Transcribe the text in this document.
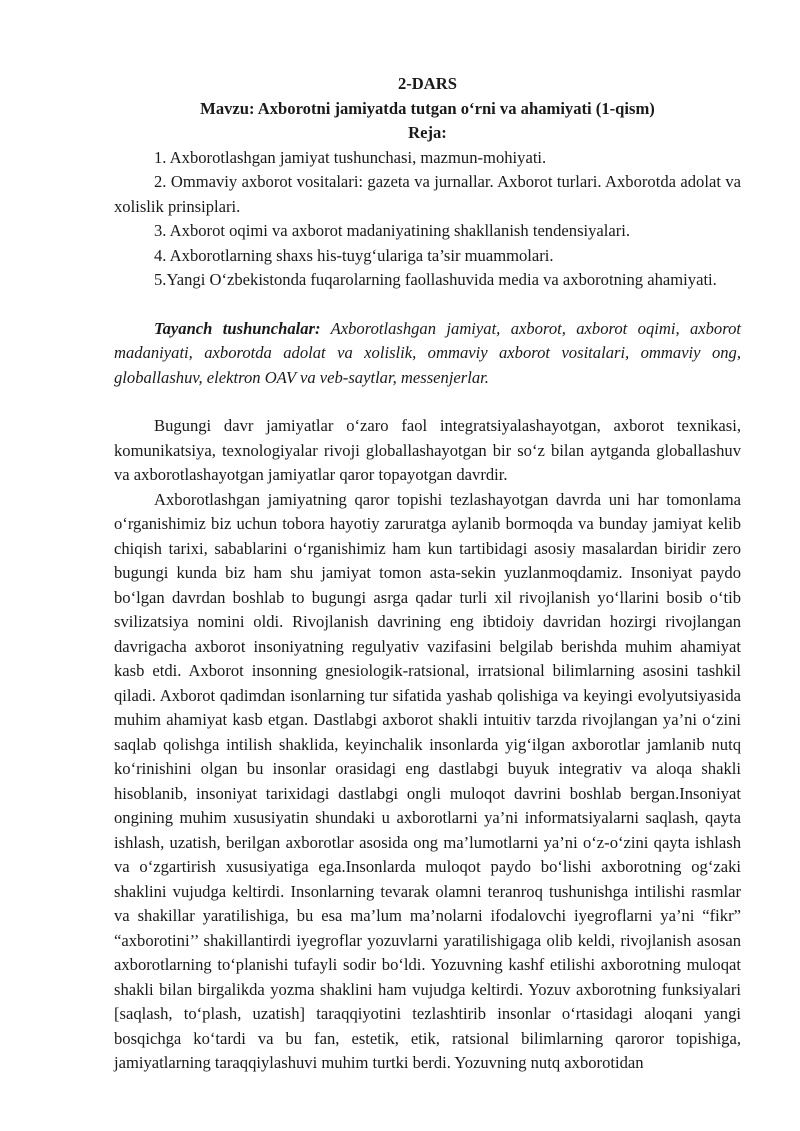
2-DARS
Mavzu: Axborotni jamiyatda tutgan o‘rni va ahamiyati (1-qism)
Reja:

1. Axborotlashgan jamiyat tushunchasi, mazmun-mohiyati.

2. Ommaviy axborot vositalari: gazeta va jurnallar. Axborot turlari. Axborotda adolat va xolislik prinsiplari.

3. Axborot oqimi va axborot madaniyatining shakllanish tendensiyalari.

4. Axborotlarning shaxs his-tuyg‘ulariga ta’sir muammolari.

5.Yangi O‘zbekistonda fuqarolarning faollashuvida media va axborotning ahamiyati.

Tayanch tushunchalar: Axborotlashgan jamiyat, axborot, axborot oqimi, axborot madaniyati, axborotda adolat va xolislik, ommaviy axborot vositalari, ommaviy ong, globallashuv, elektron OAV va veb-saytlar, messenjerlar.

Bugungi davr jamiyatlar o‘zaro faol integratsiyalashayotgan, axborot texnikasi, komunikatsiya, texnologiyalar rivoji globallashayotgan bir so‘z bilan aytganda globallashuv va axborotlashayotgan jamiyatlar qaror topayotgan davrdir.

Axborotlashgan jamiyatning qaror topishi tezlashayotgan davrda uni har tomonlama o‘rganishimiz biz uchun tobora hayotiy zaruratga aylanib bormoqda va bunday jamiyat kelib chiqish tarixi, sabablarini o‘rganishimiz ham kun tartibidagi asosiy masalardan biridir zero bugungi kunda biz ham shu jamiyat tomon asta-sekin yuzlanmoqdamiz. Insoniyat paydo bo‘lgan davrdan boshlab to bugungi asrga qadar turli xil rivojlanish yo‘llarini bosib o‘tib svilizatsiya nomini oldi. Rivojlanish davrining eng ibtidoiy davridan hozirgi rivojlangan davrigacha axborot insoniyatning regulyativ vazifasini belgilab berishda muhim ahamiyat kasb etdi. Axborot insonning gnesiologik-ratsional, irratsional bilimlarning asosini tashkil qiladi. Axborot qadimdan isonlarning tur sifatida yashab qolishiga va keyingi evolyutsiyasida muhim ahamiyat kasb etgan. Dastlabgi axborot shakli intuitiv tarzda rivojlangan ya’ni o‘zini saqlab qolishga intilish shaklida, keyinchalik insonlarda yig‘ilgan axborotlar jamlanib nutq ko‘rinishini olgan bu insonlar orasidagi eng dastlabgi buyuk integrativ va aloqa shakli hisoblanib, insoniyat tarixidagi dastlabgi ongli muloqot davrini boshlab bergan.Insoniyat ongining muhim xususiyatin shundaki u axborotlarni ya’ni informatsiyalarni saqlash, qayta ishlash, uzatish, berilgan axborotlar asosida ong ma’lumotlarni ya’ni o‘z-o‘zini qayta ishlash va o‘zgartirish xususiyatiga ega.Insonlarda muloqot paydo bo‘lishi axborotning og‘zaki shaklini vujudga keltirdi. Insonlarning tevarak olamni teranroq tushunishga intilishi rasmlar va shakillar yaratilishiga, bu esa ma’lum ma’nolarni ifodalovchi iyegroflarni ya’ni “fikr” “axborotini’’ shakillantirdi iyegroflar yozuvlarni yaratilishigaga olib keldi, rivojlanish asosan axborotlarning to‘planishi tufayli sodir bo‘ldi. Yozuvning kashf etilishi axborotning muloqat shakli bilan birgalikda yozma shaklini ham vujudga keltirdi. Yozuv axborotning funksiyalari [saqlash, to‘plash, uzatish] taraqqiyotini tezlashtirib insonlar o‘rtasidagi aloqani yangi bosqichga ko‘tardi va bu fan, estetik, etik, ratsional bilimlarning qaroror topishiga, jamiyatlarning taraqqiylashuvi muhim turtki berdi. Yozuvning nutq axborotidan
